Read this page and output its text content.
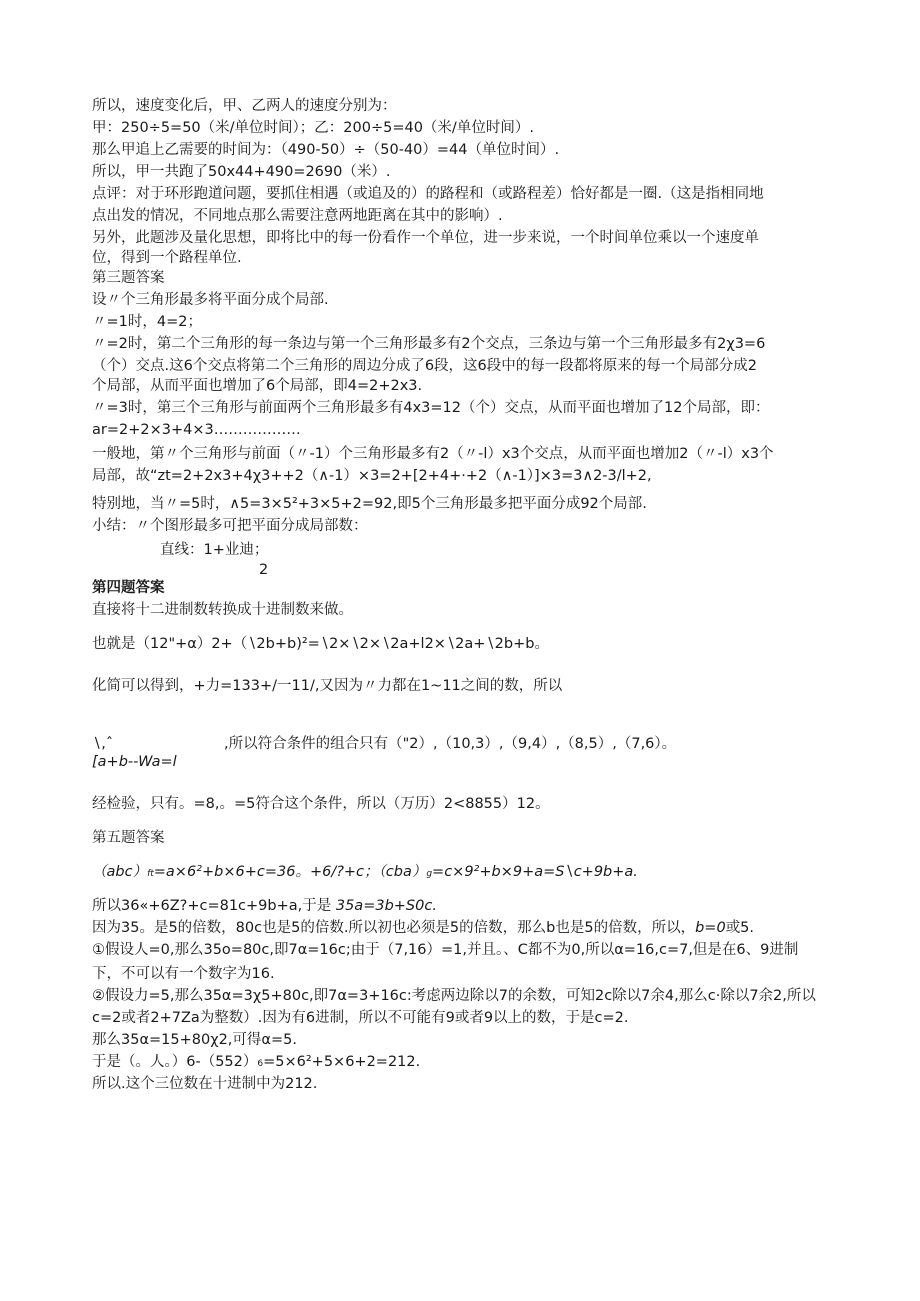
所以，速度变化后，甲、乙两人的速度分别为：
甲：250÷5=50（米/单位时间）；乙：200÷5=40（米/单位时间）.
那么甲追上乙需要的时间为：（490-50）÷（50-40）=44（单位时间）.
所以，甲一共跑了50x44+490=2690（米）.
点评：对于环形跑道问题，要抓住相遇（或追及的）的路程和（或路程差）恰好都是一圈.（这是指相同地
点出发的情况，不同地点那么需要注意两地距离在其中的影响）.
另外，此题涉及量化思想，即将比中的每一份看作一个单位，进一步来说，一个时间单位乘以一个速度单
位，得到一个路程单位.
第三题答案
设〃个三角形最多将平面分成个局部.
〃=1时，4=2；
〃=2时，第二个三角形的每一条边与第一个三角形最多有2个交点，三条边与第一个三角形最多有2χ3=6
（个）交点.这6个交点将第二个三角形的周边分成了6段，这6段中的每一段都将原来的每一个局部分成2
个局部，从而平面也增加了6个局部，即4=2+2x3.
〃=3时，第三个三角形与前面两个三角形最多有4x3=12（个）交点，从而平面也增加了12个局部，即：
ar=2+2×3+4×3………………
一般地，第〃个三角形与前面（〃-1）个三角形最多有2（〃-l）x3个交点，从而平面也增加2（〃-l）x3个
局部，故“zt=2+2x3+4χ3++2（∧-1）×3=2+[2+4+·+2（∧-1）]×3=3∧2-3∕l+2,
特别地，当〃=5时，∧5=3×5²+3×5+2=92,即5个三角形最多把平面分成92个局部.
小结：〃个图形最多可把平面分成局部数：
直线：1+业迪；
2
第四题答案
直接将十二进制数转换成十进制数来做。
也就是（12"+α）2+（∖2b+b)²=∖2×∖2×∖2a+l2×∖2a+∖2b+b。
化简可以得到，+力=133+/一11/,又因为〃力都在1~11之间的数，所以
∖,ˆ	,所以符合条件的组合只有（"2）,（10,3）,（9,4）,（8,5）,（7,6）。
[a+b--Wa=l
经检验，只有。=8,。=5符合这个条件，所以（万历）2<8855）12。
第五题答案
（abc）ft=a×6²+b×6+c=36。+6/?+c；（cba）g=c×9²+b×9+a=S∖c+9b+a.
所以36«+6Z?+c=81c+9b+a,于是 35a=3b+S0c.
因为35。是5的倍数，80c也是5的倍数.所以初也必须是5的倍数，那么b也是5的倍数，所以，b=0或5.
①假设人=0,那么35o=80c,即7α=16c;由于（7,16）=1,并且。、C都不为0,所以α=16,c=7,但是在6、9进制
下，不可以有一个数字为16.
②假设力=5,那么35α=3χ5+80c,即7α=3+16c:考虑两边除以7的余数，可知2c除以7余4,那么c·除以7余2,所以
c=2或者2+7Za为整数）.因为有6进制，所以不可能有9或者9以上的数，于是c=2.
那么35α=15+80χ2,可得α=5.
于是（。人。）6-（552）6=5×6²+5×6+2=212.
所以.这个三位数在十进制中为212.
